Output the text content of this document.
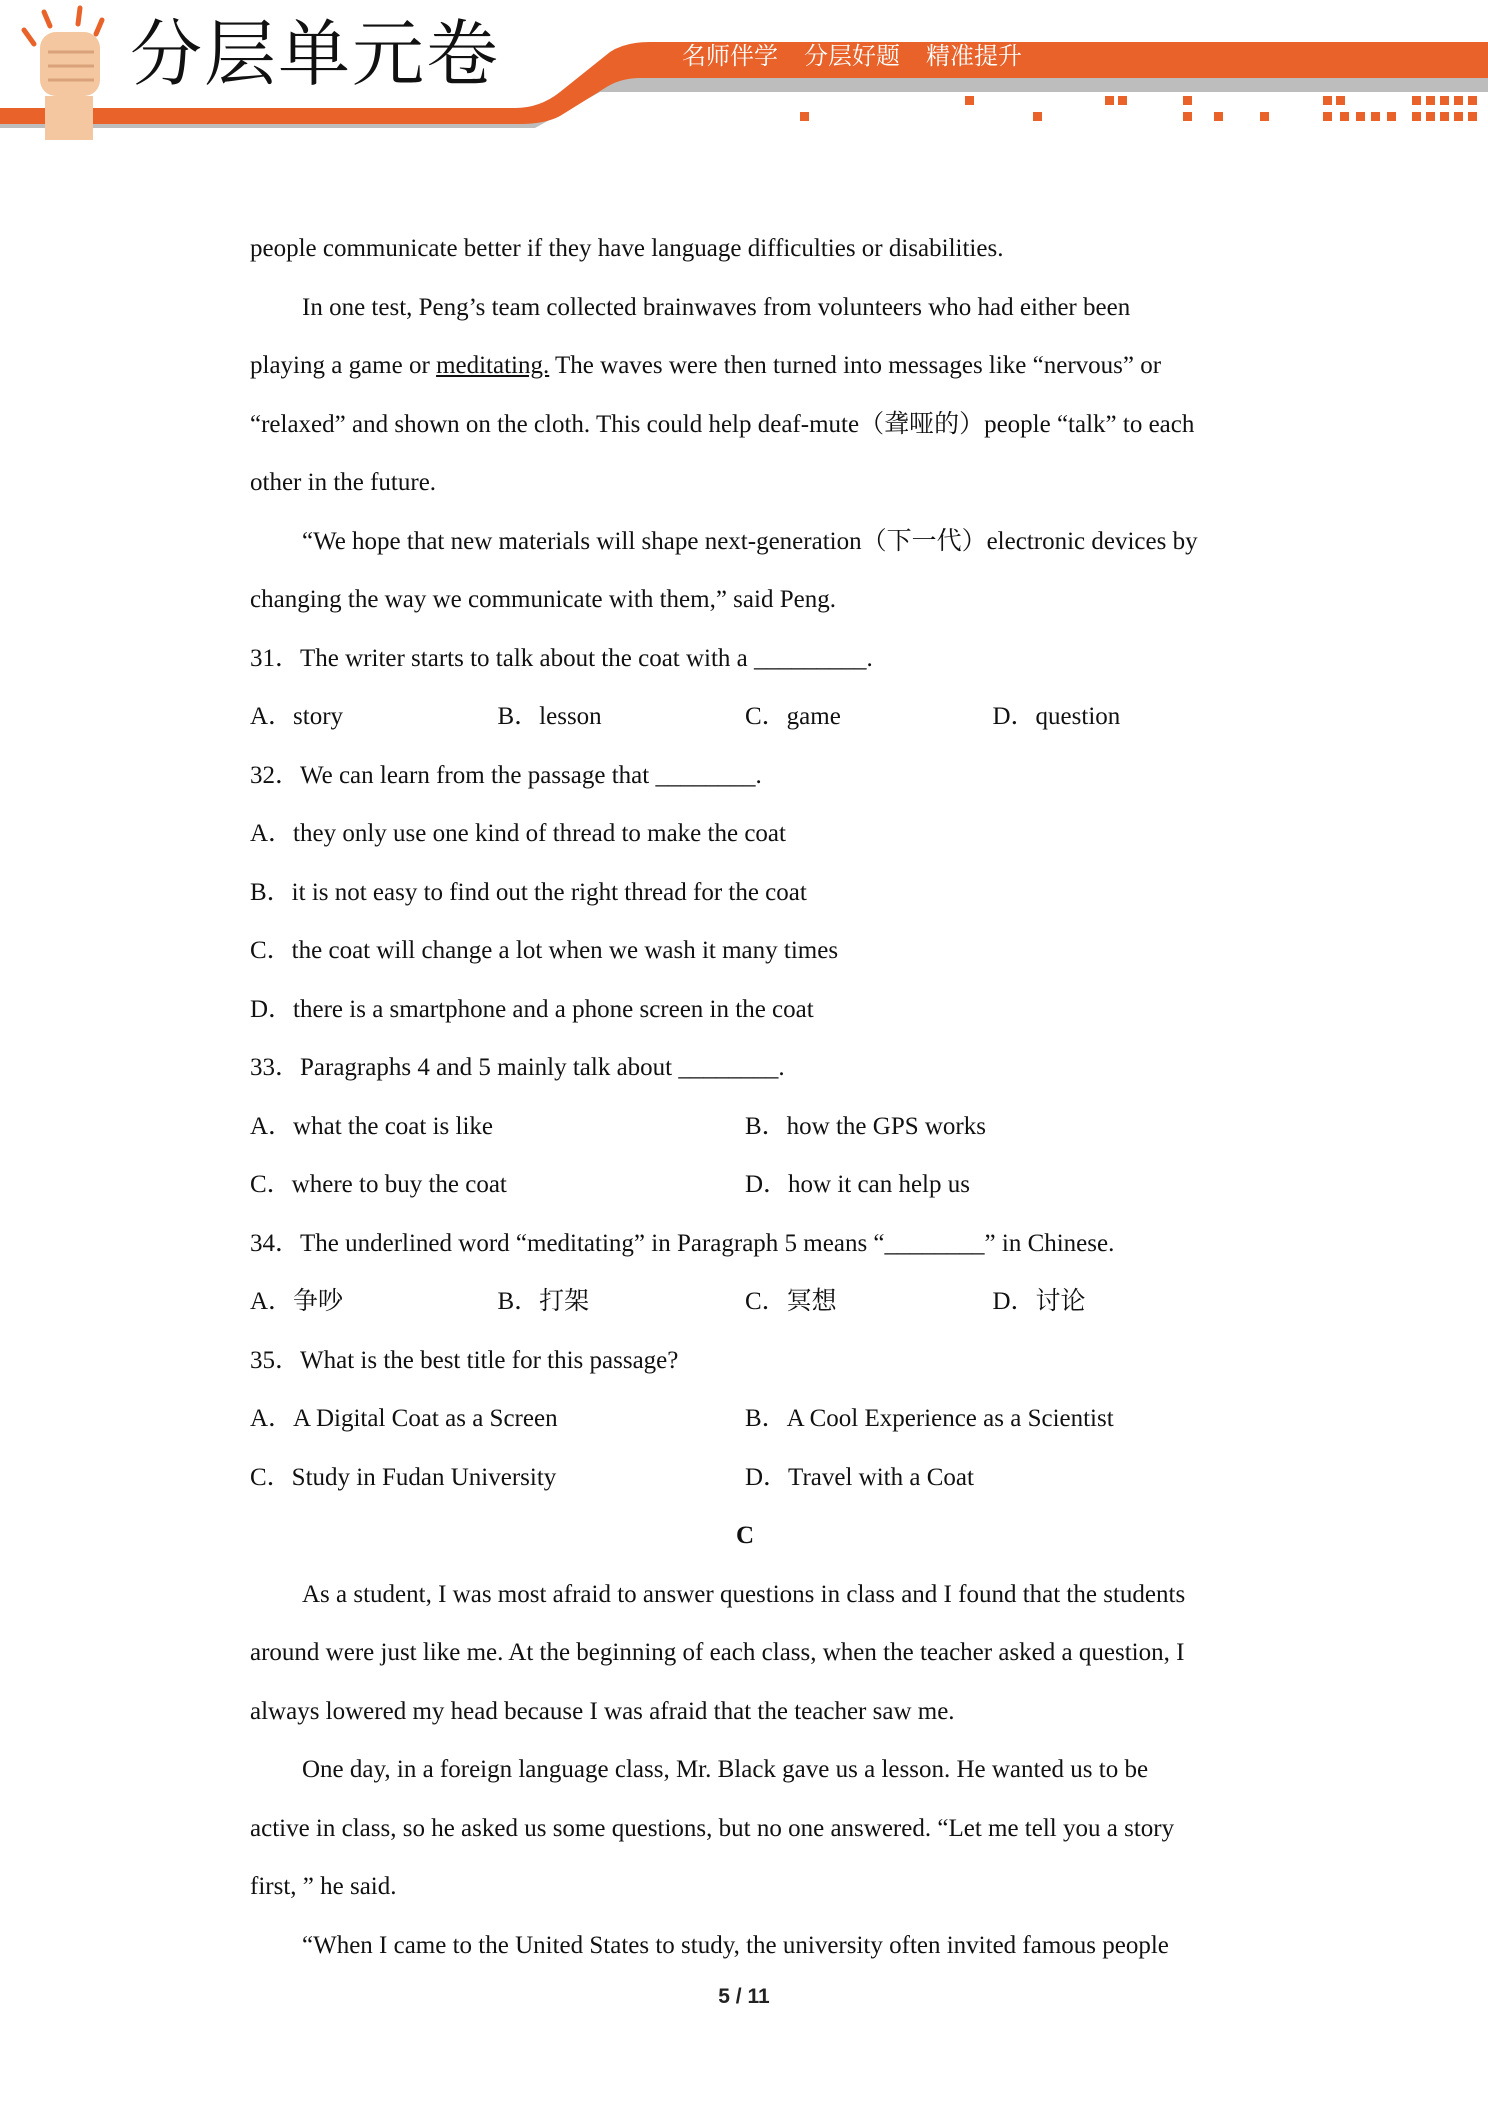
分层单元卷	名师伴学 分层好题 精准提升

people communicate better if they have language difficulties or disabilities.

In one test, Peng’s team collected brainwaves from volunteers who had either been

playing a game or meditating. The waves were then turned into messages like “nervous” or

“relaxed” and shown on the cloth. This could help deaf-mute（聋哑的）people “talk” to each

other in the future.

“We hope that new materials will shape next-generation（下一代）electronic devices by

changing the way we communicate with them,” said Peng.

31．The writer starts to talk about the coat with a _________.

A．story	B．lesson	C．game	D．question

32．We can learn from the passage that ________.

A．they only use one kind of thread to make the coat

B．it is not easy to find out the right thread for the coat

C．the coat will change a lot when we wash it many times

D．there is a smartphone and a phone screen in the coat

33．Paragraphs 4 and 5 mainly talk about ________.

A．what the coat is like	B．how the GPS works
C．where to buy the coat	D．how it can help us

34．The underlined word “meditating” in Paragraph 5 means “________” in Chinese.

A．争吵	B．打架	C．冥想	D．讨论

35．What is the best title for this passage?

A．A Digital Coat as a Screen	B．A Cool Experience as a Scientist
C．Study in Fudan University	D．Travel with a Coat

C

As a student, I was most afraid to answer questions in class and I found that the students

around were just like me. At the beginning of each class, when the teacher asked a question, I

always lowered my head because I was afraid that the teacher saw me.

One day, in a foreign language class, Mr. Black gave us a lesson. He wanted us to be

active in class, so he asked us some questions, but no one answered. “Let me tell you a story

first, ” he said.

“When I came to the United States to study, the university often invited famous people

5 / 11
